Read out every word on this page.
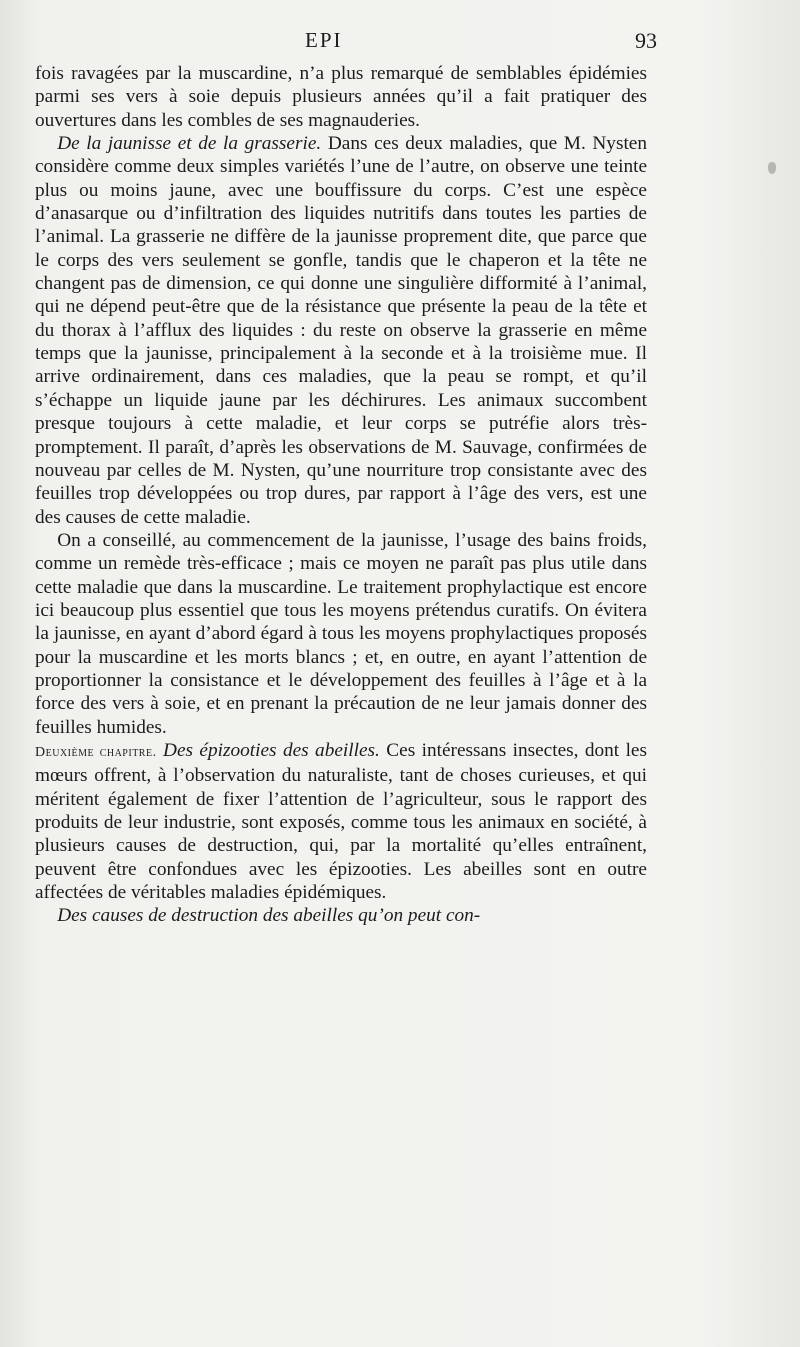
EPI	93

fois ravagées par la muscardine, n’a plus remarqué de semblables épidémies parmi ses vers à soie depuis plusieurs années qu’il a fait pratiquer des ouvertures dans les combles de ses magnauderies.

De la jaunisse et de la grasserie. Dans ces deux maladies, que M. Nysten considère comme deux simples variétés l’une de l’autre, on observe une teinte plus ou moins jaune, avec une bouffissure du corps. C’est une espèce d’anasarque ou d’infiltration des liquides nutritifs dans toutes les parties de l’animal. La grasserie ne diffère de la jaunisse proprement dite, que parce que le corps des vers seulement se gonfle, tandis que le chaperon et la tête ne changent pas de dimension, ce qui donne une singulière difformité à l’animal, qui ne dépend peut-être que de la résistance que présente la peau de la tête et du thorax à l’afflux des liquides : du reste on observe la grasserie en même temps que la jaunisse, principalement à la seconde et à la troisième mue. Il arrive ordinairement, dans ces maladies, que la peau se rompt, et qu’il s’échappe un liquide jaune par les déchirures. Les animaux succombent presque toujours à cette maladie, et leur corps se putréfie alors très-promptement. Il paraît, d’après les observations de M. Sauvage, confirmées de nouveau par celles de M. Nysten, qu’une nourriture trop consistante avec des feuilles trop développées ou trop dures, par rapport à l’âge des vers, est une des causes de cette maladie.

On a conseillé, au commencement de la jaunisse, l’usage des bains froids, comme un remède très-efficace ; mais ce moyen ne paraît pas plus utile dans cette maladie que dans la muscardine. Le traitement prophylactique est encore ici beaucoup plus essentiel que tous les moyens prétendus curatifs. On évitera la jaunisse, en ayant d’abord égard à tous les moyens prophylactiques proposés pour la muscardine et les morts blancs ; et, en outre, en ayant l’attention de proportionner la consistance et le développement des feuilles à l’âge et à la force des vers à soie, et en prenant la précaution de ne leur jamais donner des feuilles humides.

Deuxième chapitre. Des épizooties des abeilles. Ces intéressans insectes, dont les mœurs offrent, à l’observation du naturaliste, tant de choses curieuses, et qui méritent également de fixer l’attention de l’agriculteur, sous le rapport des produits de leur industrie, sont exposés, comme tous les animaux en société, à plusieurs causes de destruction, qui, par la mortalité qu’elles entraînent, peuvent être confondues avec les épizooties. Les abeilles sont en outre affectées de véritables maladies épidémiques.

Des causes de destruction des abeilles qu’on peut con-
